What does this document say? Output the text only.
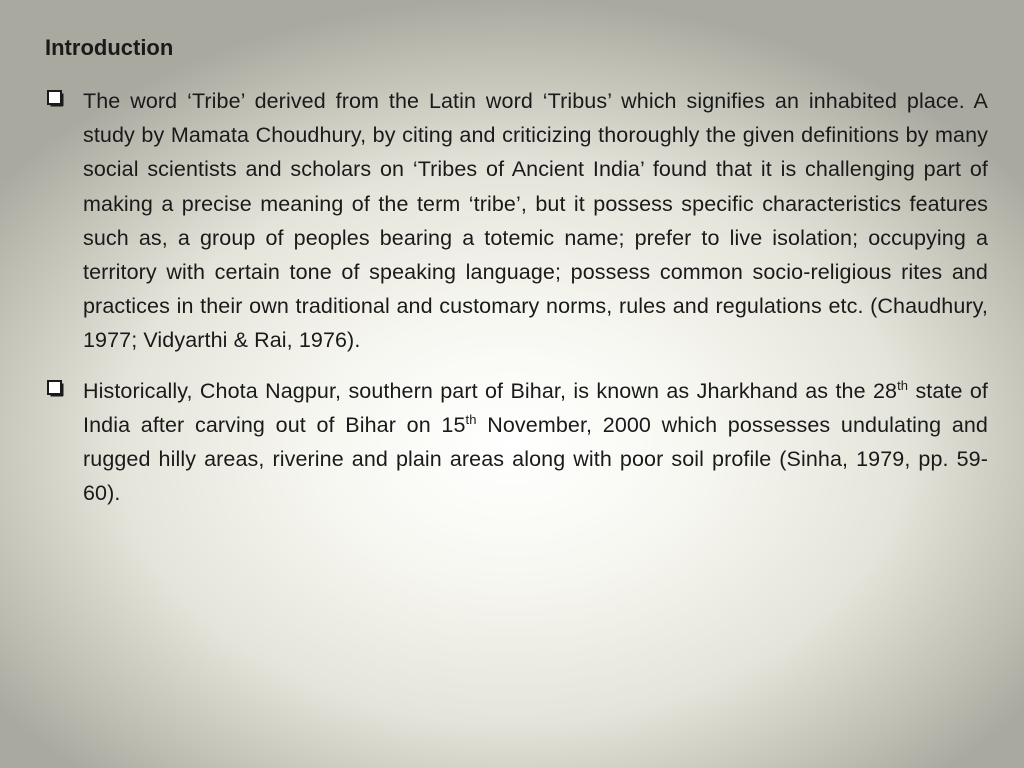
Introduction

The word ‘Tribe’ derived from the Latin word ‘Tribus’ which signifies an inhabited place. A study by Mamata Choudhury, by citing and criticizing thoroughly the given definitions by many social scientists and scholars on ‘Tribes of Ancient India’ found that it is challenging part of making a precise meaning of the term ‘tribe’, but it possess specific characteristics features such as, a group of peoples bearing a totemic name; prefer to live isolation; occupying a territory with certain tone of speaking language; possess common socio-religious rites and practices in their own traditional and customary norms, rules and regulations etc. (Chaudhury, 1977; Vidyarthi & Rai, 1976).

Historically, Chota Nagpur, southern part of Bihar, is known as Jharkhand as the 28th state of India after carving out of Bihar on 15th November, 2000 which possesses undulating and rugged hilly areas, riverine and plain areas along with poor soil profile (Sinha, 1979, pp. 59-60).
